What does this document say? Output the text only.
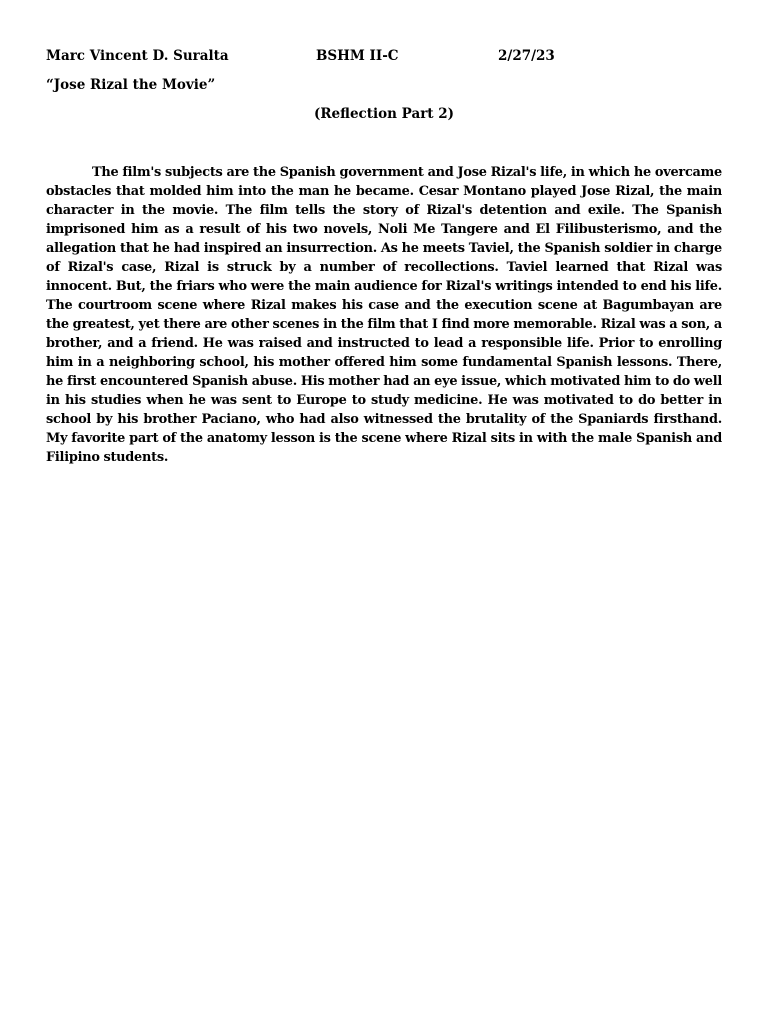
Marc Vincent D. Suralta	BSHM II-C	2/27/23
“Jose Rizal the Movie”
(Reflection Part 2)

The film's subjects are the Spanish government and Jose Rizal's life, in which he overcame obstacles that molded him into the man he became. Cesar Montano played Jose Rizal, the main character in the movie. The film tells the story of Rizal's detention and exile. The Spanish imprisoned him as a result of his two novels, Noli Me Tangere and El Filibusterismo, and the allegation that he had inspired an insurrection. As he meets Taviel, the Spanish soldier in charge of Rizal's case, Rizal is struck by a number of recollections. Taviel learned that Rizal was innocent. But, the friars who were the main audience for Rizal's writings intended to end his life. The courtroom scene where Rizal makes his case and the execution scene at Bagumbayan are the greatest, yet there are other scenes in the film that I find more memorable. Rizal was a son, a brother, and a friend. He was raised and instructed to lead a responsible life. Prior to enrolling him in a neighboring school, his mother offered him some fundamental Spanish lessons. There, he first encountered Spanish abuse. His mother had an eye issue, which motivated him to do well in his studies when he was sent to Europe to study medicine. He was motivated to do better in school by his brother Paciano, who had also witnessed the brutality of the Spaniards firsthand. My favorite part of the anatomy lesson is the scene where Rizal sits in with the male Spanish and Filipino students.
